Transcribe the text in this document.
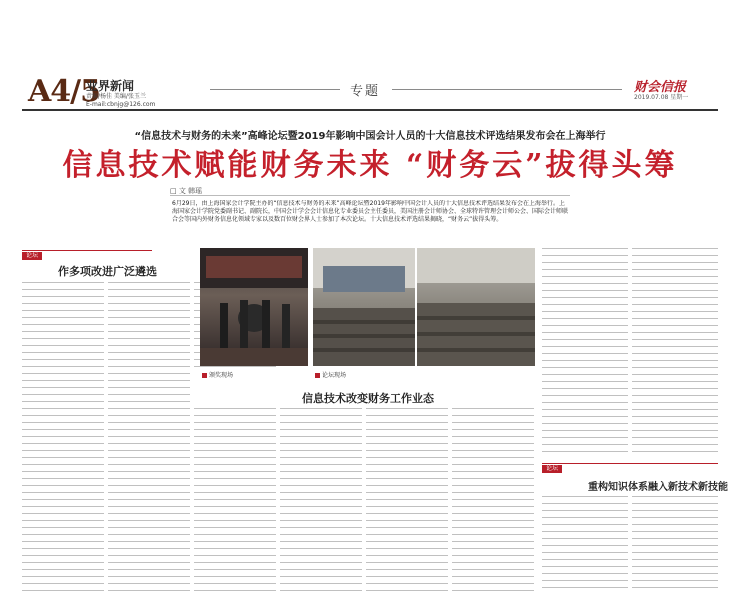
A4/5
业界新闻
责编/杨佳 美编/张玉兰
E-mail:cbnjg@126.com
专题	财会信报
2019.07.08 星期一
“信息技术与财务的未来”高峰论坛暨2019年影响中国会计人员的十大信息技术评选结果发布会在上海举行
信息技术赋能财务未来 “财务云”拔得头筹
□ 文 韩瑶
6月29日，由上海国家会计学院主办的“信息技术与财务的未来”高峰论坛暨2019年影响中国会计人员的十大信息技术评选结果发布会在上海举行。上海国家会计学院党委副书记、副院长，中国会计学会会计信息化专业委员会主任委员，美国注册会计师协会、全球特许管理会计师公会、国际会计师联合会等国内外财务信息化领域专家以及数百位财会界人士参加了本次论坛。十大信息技术评选结果揭晓，“财务云”拔得头筹。
论坛
作多项改进广泛遴选
颁奖现场	论坛现场
信息技术改变财务工作业态
论坛
重构知识体系融入新技术新技能
